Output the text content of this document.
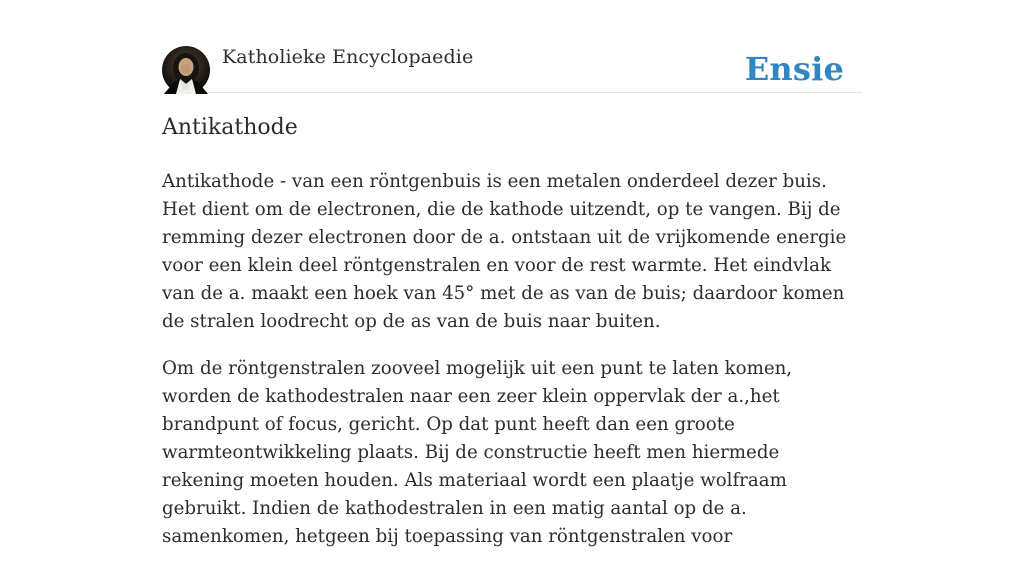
Katholieke Encyclopaedie	Ensie
Antikathode

Antikathode - van een röntgenbuis is een metalen onderdeel dezer buis. Het dient om de electronen, die de kathode uitzendt, op te vangen. Bij de remming dezer electronen door de a. ontstaan uit de vrijkomende energie voor een klein deel röntgenstralen en voor de rest warmte. Het eindvlak van de a. maakt een hoek van 45° met de as van de buis; daardoor komen de stralen loodrecht op de as van de buis naar buiten.

Om de röntgenstralen zooveel mogelijk uit een punt te laten komen, worden de kathodestralen naar een zeer klein oppervlak der a.,het brandpunt of focus, gericht. Op dat punt heeft dan een groote warmteontwikkeling plaats. Bij de constructie heeft men hiermede rekening moeten houden. Als materiaal wordt een plaatje wolfraam gebruikt. Indien de kathodestralen in een matig aantal op de a. samenkomen, hetgeen bij toepassing van röntgenstralen voor
